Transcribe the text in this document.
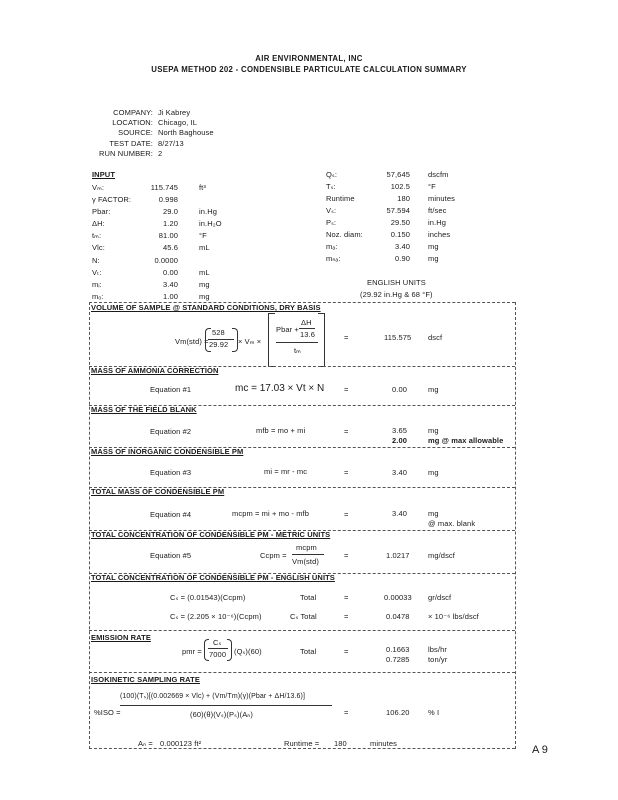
AIR ENVIRONMENTAL, INC
USEPA METHOD 202 - CONDENSIBLE PARTICULATE CALCULATION SUMMARY
COMPANY: Ji Kabrey
LOCATION: Chicago, IL
SOURCE: North Baghouse
TEST DATE: 8/27/13
RUN NUMBER: 2
INPUT
Vₘ:	115.745	ft³
γ FACTOR:	0.998
Pbar:	29.0	in.Hg
ΔH:	1.20	in.H₂O
tₘ:	81.00	°F
Vlc:	45.6	mL
N:	0.0000
Vₜ:	0.00	mL
mᵢ:	3.40	mg
mₒ:	1.00	mg
Qₛ:	57,645 dscfm
Tₛ:	102.5 °F
Runtime	180 minutes
Vₛ:	57.594 ft/sec
Pₛ:	29.50 in.Hg
Noz. diam:	0.150 inches
mₐ:	3.40 mg
mₙₐ:	0.90 mg
ENGLISH UNITS
(29.92 in.Hg & 68 °F)
VOLUME OF SAMPLE @ STANDARD CONDITIONS, DRY BASIS
Vm(std) =
528
29.92 × Vₘ ×
Pbar +
ΔH
13.6
tₘ
=	115.575 dscf
MASS OF AMMONIA CORRECTION
Equation #1	mc = 17.03 × Vt × N	=	0.00	mg
MASS OF THE FIELD BLANK
Equation #2	mfb = mo + mi	=	3.65	mg
2.00	mg @ max allowable
MASS OF INORGANIC CONDENSIBLE PM
Equation #3	mi = mr - mc	=	3.40	mg
TOTAL MASS OF CONDENSIBLE PM
Equation #4	mcpm = mi + mo - mfb	=	3.40	mg
@ max. blank
TOTAL CONCENTRATION OF CONDENSIBLE PM - METRIC UNITS
Equation #5	Ccpm =
mcpm
Vm(std)
=	1.0217 mg/dscf
TOTAL CONCENTRATION OF CONDENSIBLE PM - ENGLISH UNITS
Cₛ = (0.01543)(Ccpm)	Total	=	0.00033 gr/dscf
Cₛ = (2.205 × 10⁻⁶)(Ccpm)	Cₛ Total	=	0.0478 × 10⁻⁶ lbs/dscf
EMISSION RATE
pmr =
Cₛ
7000 (Qₛ)(60)	Total	=	0.1663 lbs/hr
0.7285 ton/yr
ISOKINETIC SAMPLING RATE
%ISO =
(100)(Tₛ)[(0.002669 × Vlc) + (Vm/Tm)(γ)(Pbar + ΔH/13.6)]
(60)(θ)(Vₛ)(Pₛ)(Aₙ)	=	106.20 % I
Aₙ = 0.000123 ft²	Runtime = 180	minutes
A 9
